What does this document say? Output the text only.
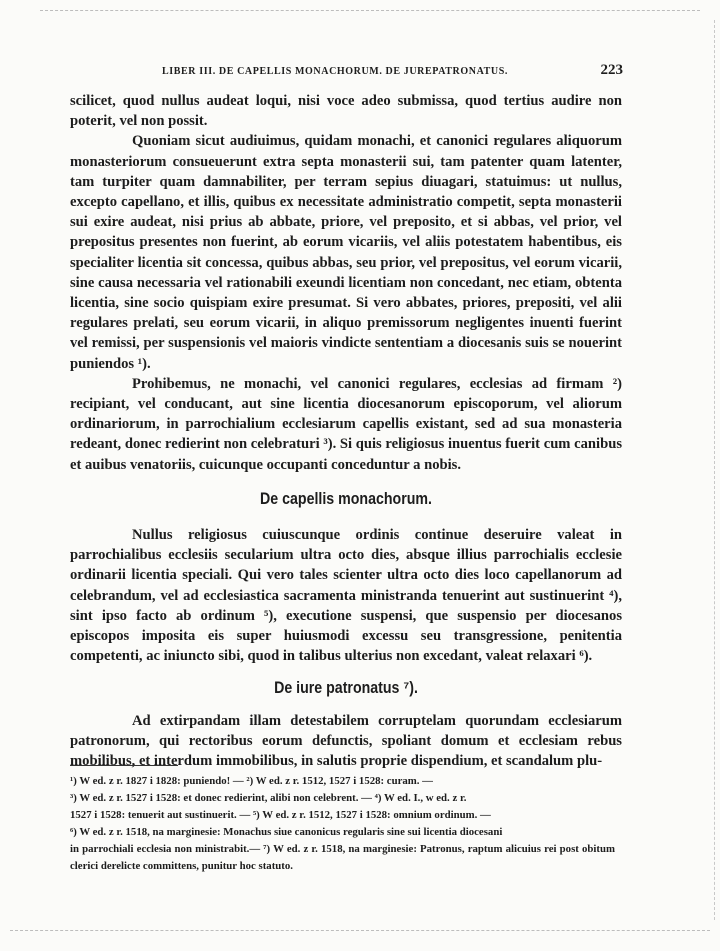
LIBER III. DE CAPELLIS MONACHORUM. DE JUREPATRONATUS.	223

scilicet, quod nullus audeat loqui, nisi voce adeo submissa, quod tertius audire non poterit, vel non possit.

Quoniam sicut audiuimus, quidam monachi, et canonici regulares aliquorum monasteriorum consueuerunt extra septa monasterii sui, tam patenter quam latenter, tam turpiter quam damnabiliter, per terram sepius diuagari, statuimus: ut nullus, excepto capellano, et illis, quibus ex necessitate administratio competit, septa monasterii sui exire audeat, nisi prius ab abbate, priore, vel preposito, et si abbas, vel prior, vel prepositus presentes non fuerint, ab eorum vicariis, vel aliis potestatem habentibus, eis specialiter licentia sit concessa, quibus abbas, seu prior, vel prepositus, vel eorum vicarii, sine causa necessaria vel rationabili exeundi licentiam non concedant, nec etiam, obtenta licentia, sine socio quispiam exire presumat. Si vero abbates, priores, prepositi, vel alii regulares prelati, seu eorum vicarii, in aliquo premissorum negligentes inuenti fuerint vel remissi, per suspensionis vel maioris vindicte sententiam a diocesanis suis se nouerint puniendos ¹).

Prohibemus, ne monachi, vel canonici regulares, ecclesias ad firmam ²) recipiant, vel conducant, aut sine licentia diocesanorum episcoporum, vel aliorum ordinariorum, in parrochialium ecclesiarum capellis existant, sed ad sua monasteria redeant, donec redierint non celebraturi ³). Si quis religiosus inuentus fuerit cum canibus et auibus venatoriis, cuicunque occupanti conceduntur a nobis.

De capellis monachorum.

Nullus religiosus cuiuscunque ordinis continue deseruire valeat in parrochialibus ecclesiis secularium ultra octo dies, absque illius parrochialis ecclesie ordinarii licentia speciali. Qui vero tales scienter ultra octo dies loco capellanorum ad celebrandum, vel ad ecclesiastica sacramenta ministranda tenuerint aut sustinuerint ⁴), sint ipso facto ab ordinum ⁵), executione suspensi, que suspensio per diocesanos episcopos imposita eis super huiusmodi excessu seu transgressione, penitentia competenti, ac iniuncto sibi, quod in talibus ulterius non excedant, valeat relaxari ⁶).

De iure patronatus ⁷).

Ad extirpandam illam detestabilem corruptelam quorundam ecclesiarum patronorum, qui rectoribus eorum defunctis, spoliant domum et ecclesiam rebus mobilibus, et interdum immobilibus, in salutis proprie dispendium, et scandalum plu-

¹) W ed. z r. 1827 i 1828: puniendo! — ²) W ed. z r. 1512, 1527 i 1528: curam. —

³) W ed. z r. 1527 i 1528: et donec redierint, alibi non celebrent. — ⁴) W ed. I., w ed. z r.

1527 i 1528: tenuerit aut sustinuerit. — ⁵) W ed. z r. 1512, 1527 i 1528: omnium ordinum. —

⁶) W ed. z r. 1518, na marginesie: Monachus siue canonicus regularis sine sui licentia diocesani

in parrochiali ecclesia non ministrabit.— ⁷) W ed. z r. 1518, na marginesie: Patronus, raptum alicuius rei post obitum clerici derelicte committens, punitur hoc statuto.
